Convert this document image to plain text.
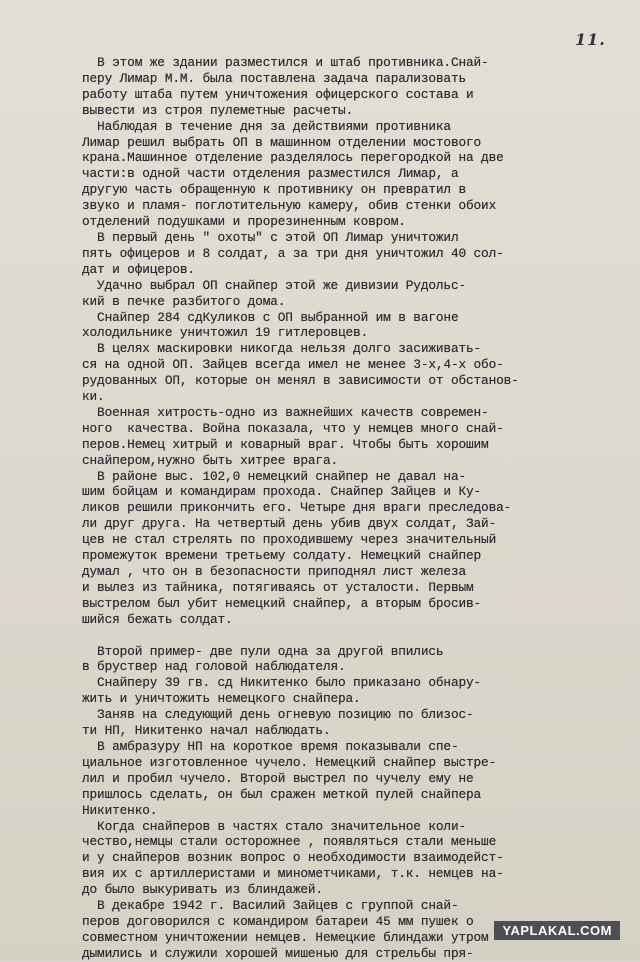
11.
В этом же здании разместился и штаб противника.Снай-
перу Лимар М.М. была поставлена задача парализовать
работу штаба путем уничтожения офицерского состава и
вывести из строя пулеметные расчеты.
Наблюдая в течение дня за действиями противника
Лимар решил выбрать ОП в машинном отделении мостового
крана.Машинное отделение разделялось перегородкой на две
части:в одной части отделения разместился Лимар, а
другую часть обращенную к противнику он превратил в
звуко и пламя- поглотительную камеру, обив стенки обоих
отделений подушками и прорезиненным ковром.
В первый день " охоты" с этой ОП Лимар уничтожил
пять офицеров и 8 солдат, а за три дня уничтожил 40 сол-
дат и офицеров.
Удачно выбрал ОП снайпер этой же дивизии Рудольс-
кий в печке разбитого дома.
Снайпер 284 сдКуликов с ОП выбранной им в вагоне
холодильнике уничтожил 19 гитлеровцев.
В целях маскировки никогда нельзя долго засиживать-
ся на одной ОП. Зайцев всегда имел не менее 3-х,4-х обо-
рудованных ОП, которые он менял в зависимости от обстанов-
ки.
Военная хитрость-одно из важнейших качеств современ-
ного  качества. Война показала, что у немцев много снай-
перов.Немец хитрый и коварный враг. Чтобы быть хорошим
снайпером,нужно быть хитрее врага.
В районе выс. 102,0 немецкий снайпер не давал на-
шим бойцам и командирам прохода. Снайпер Зайцев и Ку-
ликов решили прикончить его. Четыре дня враги преследова-
ли друг друга. На четвертый день убив двух солдат, Зай-
цев не стал стрелять по проходившему через значительный
промежуток времени третьему солдату. Немецкий снайпер
думал , что он в безопасности приподнял лист железа
и вылез из тайника, потягиваясь от усталости. Первым
выстрелом был убит немецкий снайпер, а вторым бросив-
шийся бежать солдат.

Второй пример- две пули одна за другой впились
в бруствер над головой наблюдателя.
Снайперу 39 гв. сд Никитенко было приказано обнару-
жить и уничтожить немецкого снайпера.
Заняв на следующий день огневую позицию по близос-
ти НП, Никитенко начал наблюдать.
В амбразуру НП на короткое время показывали спе-
циальное изготовленное чучело. Немецкий снайпер выстре-
лил и пробил чучело. Второй выстрел по чучелу ему не
пришлось сделать, он был сражен меткой пулей снайпера
Никитенко.
Когда снайперов в частях стало значительное коли-
чество,немцы стали осторожнее , появляться стали меньше
и у снайперов возник вопрос о необходимости взаимодейст-
вия их с артиллеристами и минометчиками, т.к. немцев на-
до было выкуривать из блиндажей.
В декабре 1942 г. Василий Зайцев с группой снай-
перов договорился с командиром батареи 45 мм пушек о
совместном уничтожении немцев. Немецкие блиндажи утром
дымились и служили хорошей мишенью для стрельбы пря-
YAPLAKAL.COM
